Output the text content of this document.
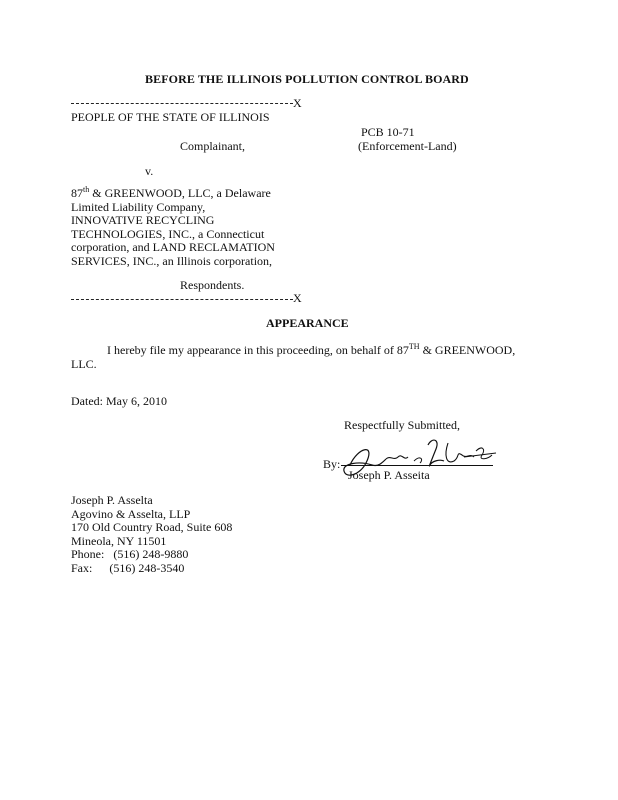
BEFORE THE ILLINOIS POLLUTION CONTROL BOARD
X
PEOPLE OF THE STATE OF ILLINOIS
PCB 10-71
Complainant,	(Enforcement-Land)
v.
87th & GREENWOOD, LLC, a Delaware
Limited Liability Company,
INNOVATIVE RECYCLING
TECHNOLOGIES, INC., a Connecticut
corporation, and LAND RECLAMATION
SERVICES, INC., an Illinois corporation,
Respondents.
X
APPEARANCE
I hereby file my appearance in this proceeding, on behalf of 87TH & GREENWOOD,
LLC.
Dated: May 6, 2010
Respectfully Submitted,
By:
Joseph P. Asseita
Joseph P. Asselta
Agovino & Asselta, LLP
170 Old Country Road, Suite 608
Mineola, NY 11501
Phone: (516) 248-9880
Fax: (516) 248-3540
